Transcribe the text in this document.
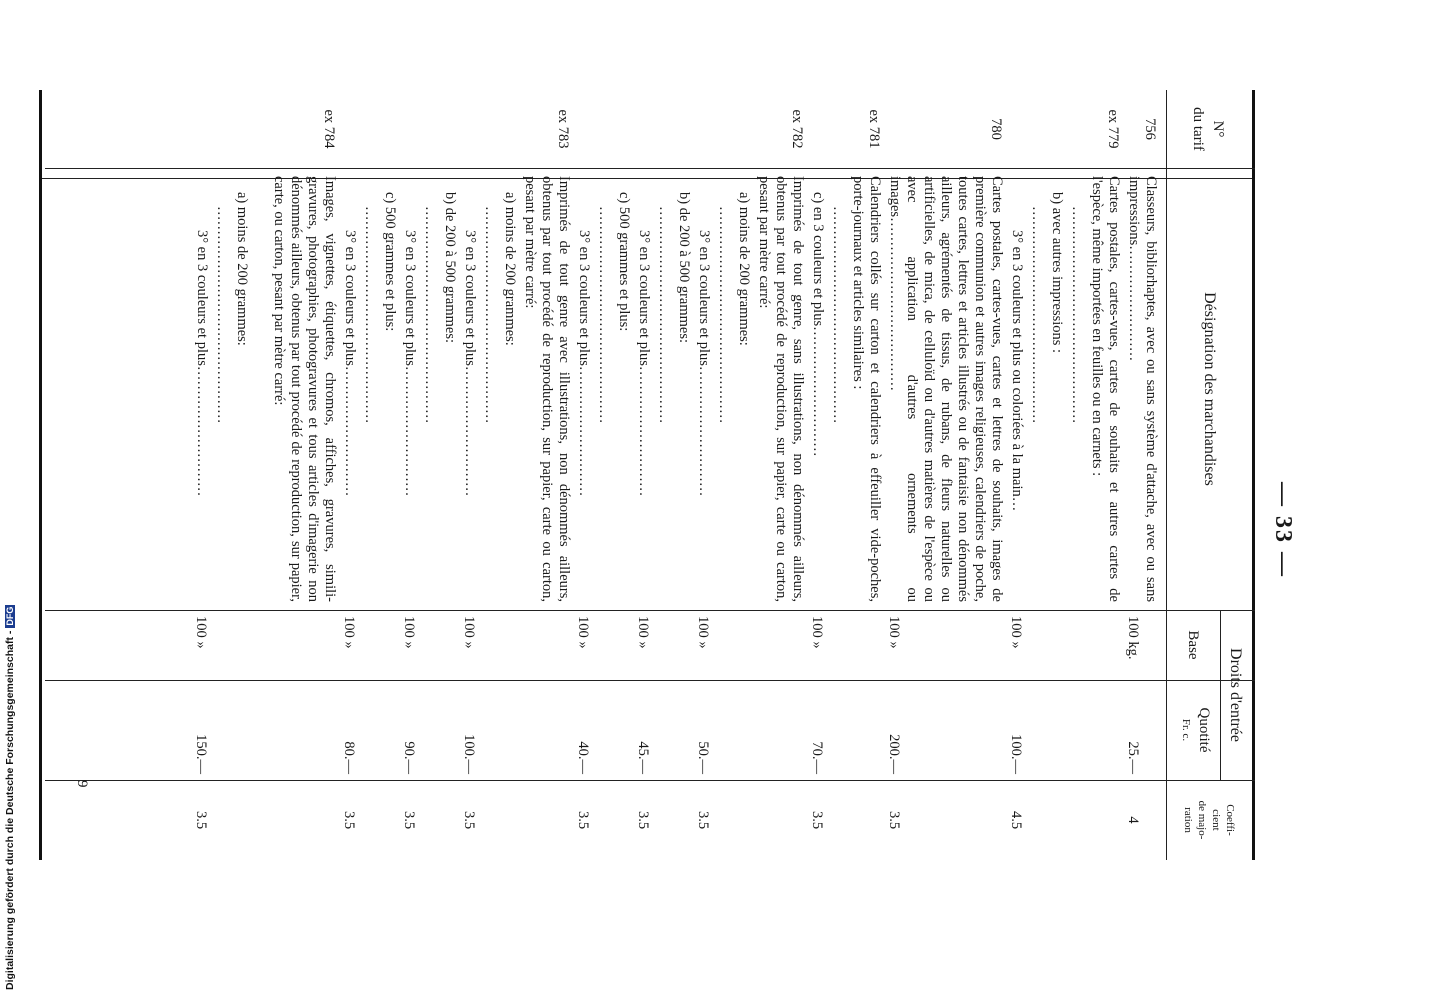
— 33 —
N°
du tarif
Désignation des marchandises
Droits d'entrée
Base
Quotité
Fr. c.
Coeffi-
cient
de majo-
ration
756
Classeurs, bibliorhaptes, avec ou sans système d'attache, avec ou sans impressions……………………
100 kg.
25.—
4
ex 779
Cartes postales, cartes-vues, cartes de souhaits et autres cartes de l'espèce, même importées en feuilles ou en carnets :
………………………………………
b) avec autres impressions :
………………………………………
3° en 3 couleurs et plus ou coloriées à la main…
100 »
100.—
4.5
780
Cartes postales, cartes-vues, cartes et lettres de souhaits, images de première communion et autres images religieuses, calendriers de poche, toutes cartes, lettres et articles illustrés ou de fantaisie non dénommés ailleurs, agrémentés de tissus, de rubans, de fleurs naturelles ou artificielles, de mica, de celluloïd ou d'autres matières de l'espèce ou avec application d'autres ornements ou images………………………………
100 »
200.—
3.5
ex 781
Calendriers collés sur carton et calendriers à effeuiller vide-poches, porte-journaux et articles similaires :
………………………………………
c) en 3 couleurs et plus………………………
100 »
70.—
3.5
ex 782
Imprimés de tout genre, sans illustrations, non dénommés ailleurs, obtenus par tout procédé de reproduction, sur papier, carte ou carton, pesant par mètre carré:
a) moins de 200 grammes:
………………………………………
3° en 3 couleurs et plus………………………
100 »
50.—
3.5
b) de 200 à 500 grammes:
………………………………………
3° en 3 couleurs et plus………………………
100 »
45.—
3.5
c) 500 grammes et plus:
………………………………………
3° en 3 couleurs et plus………………………
100 »
40.—
3.5
ex 783
Imprimés de tout genre avec illustrations, non dénommés ailleurs, obtenus par tout procédé de reproduction, sur papier, carte ou carton, pesant par mètre carré:
a) moins de 200 grammes:
………………………………………
3° en 3 couleurs et plus………………………
100 »
100.—
3.5
b) de 200 à 500 grammes:
………………………………………
3° en 3 couleurs et plus………………………
100 »
90.—
3.5
c) 500 grammes et plus:
………………………………………
3° en 3 couleurs et plus………………………
100 »
80.—
3.5
ex 784
Images, vignettes, étiquettes, chromos, affiches, gravures, simili-gravures, photographies, photogravures et tous articles d'imagerie non dénommés ailleurs, obtenus par tout procédé de reproduction, sur papier, carte, ou carton, pesant par mètre carré:
a) moins de 200 grammes:
………………………………………
3° en 3 couleurs et plus………………………
100 »
150.—
3.5
9
Digitalisierung gefördert durch die Deutsche Forschungsgemeinschaft -DFG
